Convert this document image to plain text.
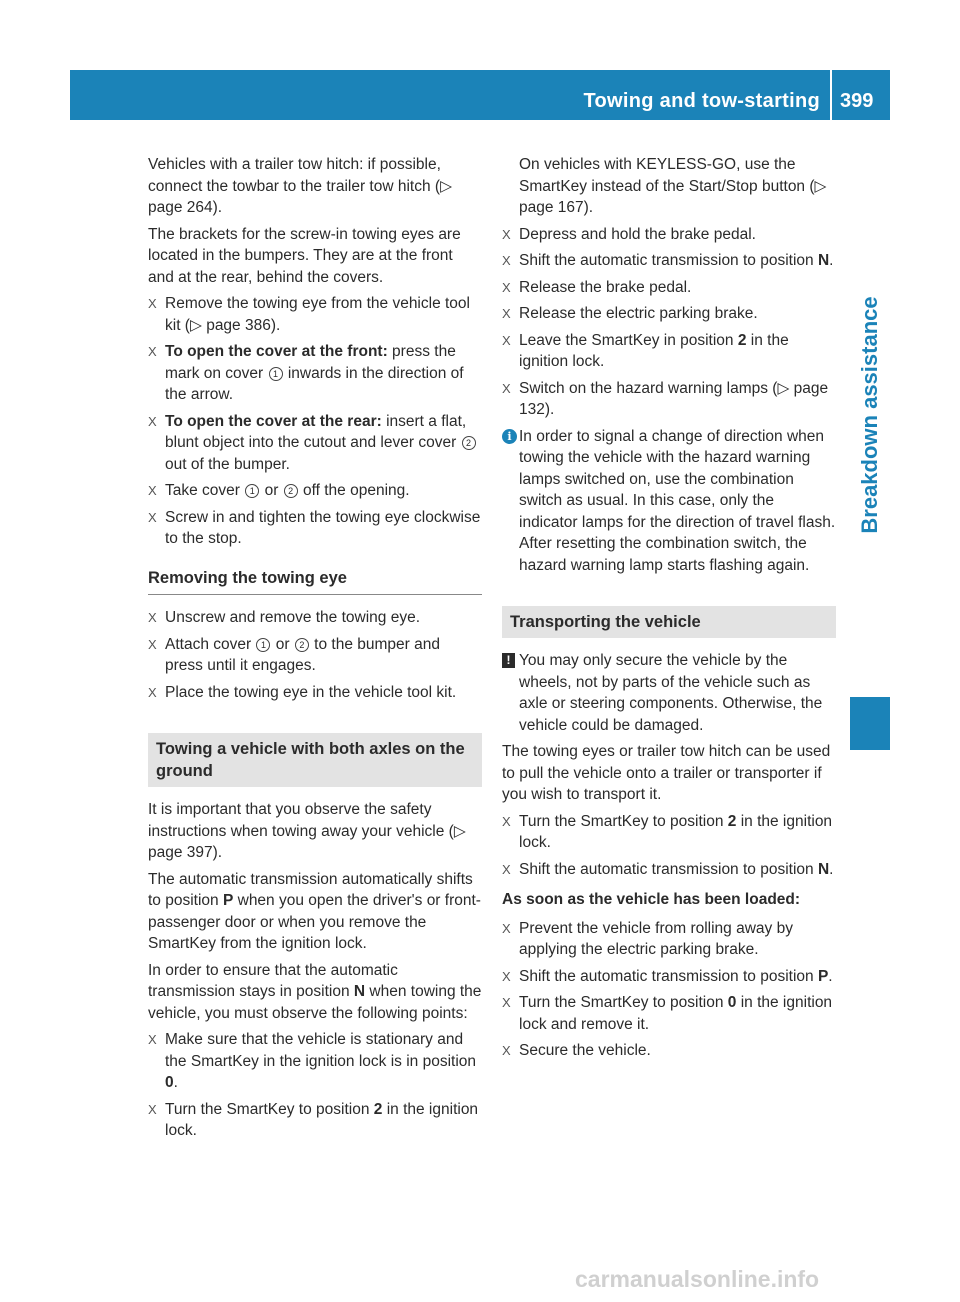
Towing and tow-starting 399
Breakdown assistance

Vehicles with a trailer tow hitch: if possible, connect the towbar to the trailer tow hitch (▷ page 264).

The brackets for the screw-in towing eyes are located in the bumpers. They are at the front and at the rear, behind the covers.

X Remove the towing eye from the vehicle tool kit (▷ page 386).
X To open the cover at the front: press the mark on cover 1 inwards in the direction of the arrow.
X To open the cover at the rear: insert a flat, blunt object into the cutout and lever cover 2 out of the bumper.
X Take cover 1 or 2 off the opening.
X Screw in and tighten the towing eye clockwise to the stop.
Removing the towing eye
X Unscrew and remove the towing eye.
X Attach cover 1 or 2 to the bumper and press until it engages.
X Place the towing eye in the vehicle tool kit.
Towing a vehicle with both axles on the ground

It is important that you observe the safety instructions when towing away your vehicle (▷ page 397).

The automatic transmission automatically shifts to position P when you open the driver's or front-passenger door or when you remove the SmartKey from the ignition lock.

In order to ensure that the automatic transmission stays in position N when towing the vehicle, you must observe the following points:

X Make sure that the vehicle is stationary and the SmartKey in the ignition lock is in position 0.
X Turn the SmartKey to position 2 in the ignition lock.

On vehicles with KEYLESS-GO, use the SmartKey instead of the Start/Stop button (▷ page 167).

X Depress and hold the brake pedal.
X Shift the automatic transmission to position N.
X Release the brake pedal.
X Release the electric parking brake.
X Leave the SmartKey in position 2 in the ignition lock.
X Switch on the hazard warning lamps (▷ page 132).
i In order to signal a change of direction when towing the vehicle with the hazard warning lamps switched on, use the combination switch as usual. In this case, only the indicator lamps for the direction of travel flash. After resetting the combination switch, the hazard warning lamp starts flashing again.
Transporting the vehicle
! You may only secure the vehicle by the wheels, not by parts of the vehicle such as axle or steering components. Otherwise, the vehicle could be damaged.

The towing eyes or trailer tow hitch can be used to pull the vehicle onto a trailer or transporter if you wish to transport it.

X Turn the SmartKey to position 2 in the ignition lock.
X Shift the automatic transmission to position N.
As soon as the vehicle has been loaded:
X Prevent the vehicle from rolling away by applying the electric parking brake.
X Shift the automatic transmission to position P.
X Turn the SmartKey to position 0 in the ignition lock and remove it.
X Secure the vehicle.
carmanualsonline.info
